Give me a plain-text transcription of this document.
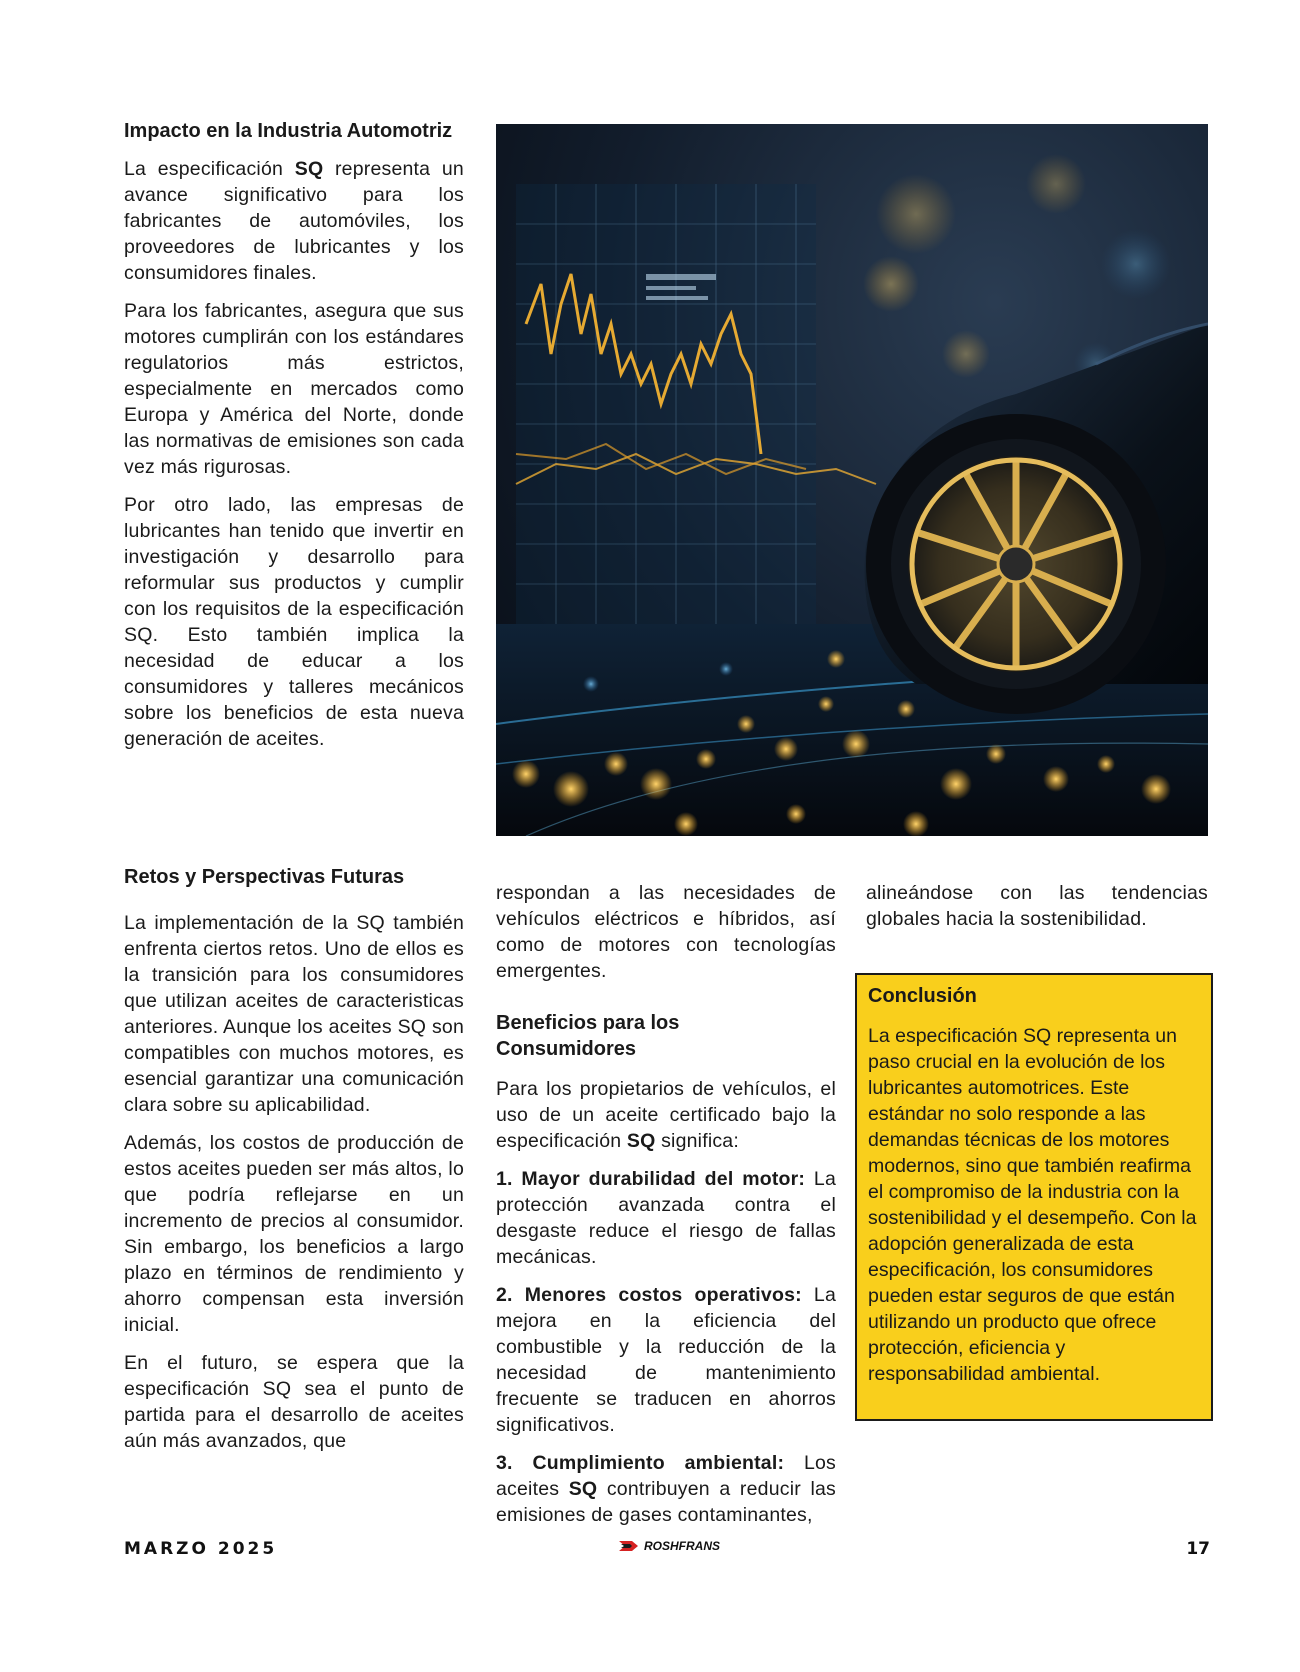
Impacto en la Industria Automotriz

La especificación SQ representa un avance significativo para los fabricantes de automóviles, los proveedores de lubricantes y los consumidores finales.

Para los fabricantes, asegura que sus motores cumplirán con los estándares regulatorios más estrictos, especialmente en mercados como Europa y América del Norte, donde las normativas de emisiones son cada vez más rigurosas.

Por otro lado, las empresas de lubricantes han tenido que invertir en investigación y desarrollo para reformular sus productos y cumplir con los requisitos de la especificación SQ. Esto también implica la necesidad de educar a los consumidores y talleres mecánicos sobre los beneficios de esta nueva generación de aceites.

Retos y Perspectivas Futuras

La implementación de la SQ también enfrenta ciertos retos. Uno de ellos es la transición para los consumidores que utilizan aceites de caracteristicas anteriores. Aunque los aceites SQ son compatibles con muchos motores, es esencial garantizar una comunicación clara sobre su aplicabilidad.

Además, los costos de producción de estos aceites pueden ser más altos, lo que podría reflejarse en un incremento de precios al consumidor. Sin embargo, los beneficios a largo plazo en términos de rendimiento y ahorro compensan esta inversión inicial.

En el futuro, se espera que la especificación SQ sea el punto de partida para el desarrollo de aceites aún más avanzados, que

respondan a las necesidades de vehículos eléctricos e híbridos, así como de motores con tecnologías emergentes.

Beneficios para los Consumidores

Para los propietarios de vehículos, el uso de un aceite certificado bajo la especificación SQ significa:

1. Mayor durabilidad del motor: La protección avanzada contra el desgaste reduce el riesgo de fallas mecánicas.

2. Menores costos operativos: La mejora en la eficiencia del combustible y la reducción de la necesidad de mantenimiento frecuente se traducen en ahorros significativos.

3. Cumplimiento ambiental: Los aceites SQ contribuyen a reducir las emisiones de gases contaminantes,

alineándose con las tendencias globales hacia la sostenibilidad.

Conclusión

La especificación SQ representa un paso crucial en la evolución de los lubricantes automotrices. Este estándar no solo responde a las demandas técnicas de los motores modernos, sino que también reafirma el compromiso de la industria con la sostenibilidad y el desempeño. Con la adopción generalizada de esta especificación, los consumidores pueden estar seguros de que están utilizando un producto que ofrece protección, eficiencia y responsabilidad ambiental.

MARZO 2025	ROSHFRANS	17
